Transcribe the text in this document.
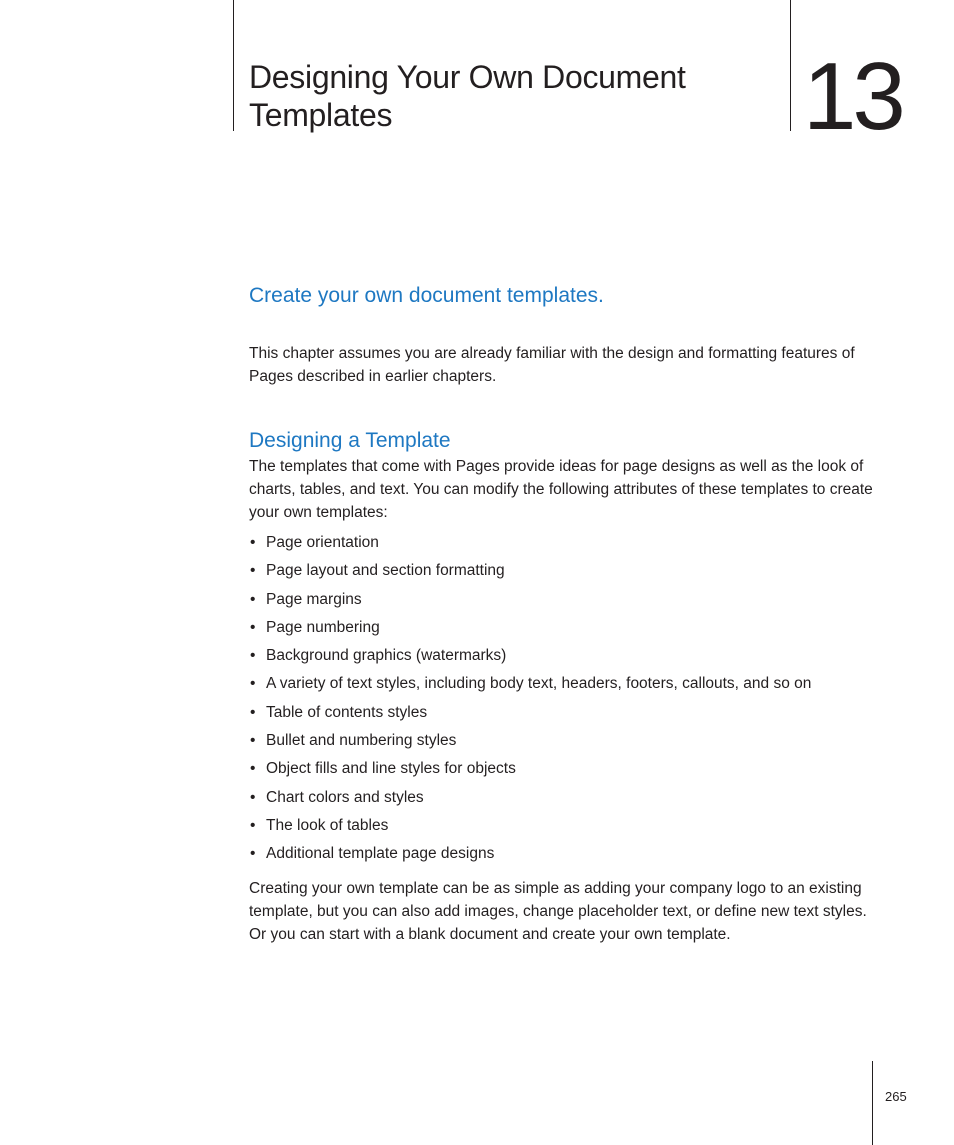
Designing Your Own Document Templates	13
Create your own document templates.

This chapter assumes you are already familiar with the design and formatting features of Pages described in earlier chapters.

Designing a Template

The templates that come with Pages provide ideas for page designs as well as the look of charts, tables, and text. You can modify the following attributes of these templates to create your own templates:

• Page orientation
• Page layout and section formatting
• Page margins
• Page numbering
• Background graphics (watermarks)
• A variety of text styles, including body text, headers, footers, callouts, and so on
• Table of contents styles
• Bullet and numbering styles
• Object fills and line styles for objects
• Chart colors and styles
• The look of tables
• Additional template page designs

Creating your own template can be as simple as adding your company logo to an existing template, but you can also add images, change placeholder text, or define new text styles. Or you can start with a blank document and create your own template.

265
